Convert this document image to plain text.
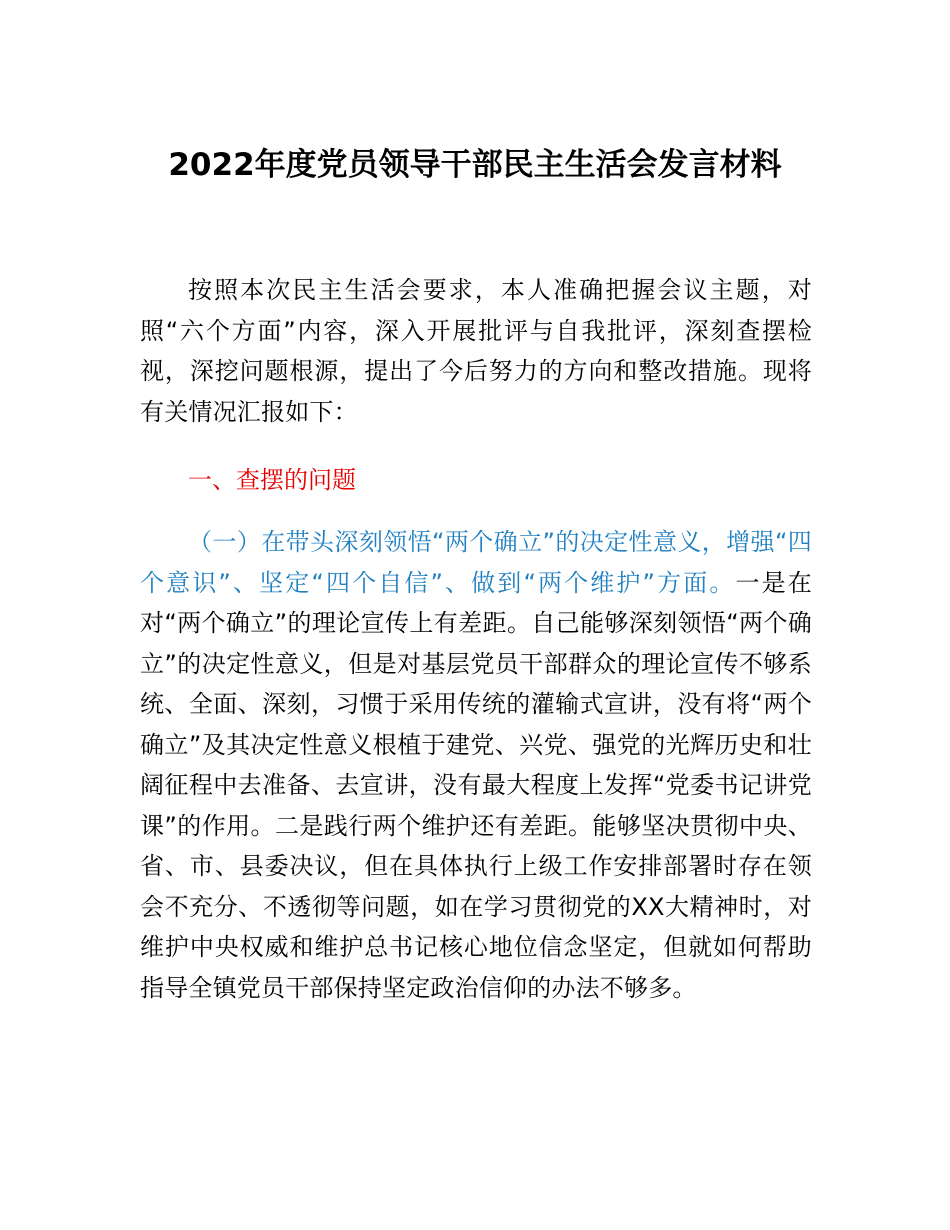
2022年度党员领导干部民主生活会发言材料

按照本次民主生活会要求，本人准确把握会议主题，对照“六个方面”内容，深入开展批评与自我批评，深刻查摆检视，深挖问题根源，提出了今后努力的方向和整改措施。现将有关情况汇报如下：

一、查摆的问题

（一）在带头深刻领悟“两个确立”的决定性意义，增强“四个意识”、坚定“四个自信”、做到“两个维护”方面。一是在对“两个确立”的理论宣传上有差距。自己能够深刻领悟“两个确立”的决定性意义，但是对基层党员干部群众的理论宣传不够系统、全面、深刻，习惯于采用传统的灌输式宣讲，没有将“两个确立”及其决定性意义根植于建党、兴党、强党的光辉历史和壮阔征程中去准备、去宣讲，没有最大程度上发挥“党委书记讲党课”的作用。二是践行两个维护还有差距。能够坚决贯彻中央、省、市、县委决议，但在具体执行上级工作安排部署时存在领会不充分、不透彻等问题，如在学习贯彻党的XX大精神时，对维护中央权威和维护总书记核心地位信念坚定，但就如何帮助指导全镇党员干部保持坚定政治信仰的办法不够多。
